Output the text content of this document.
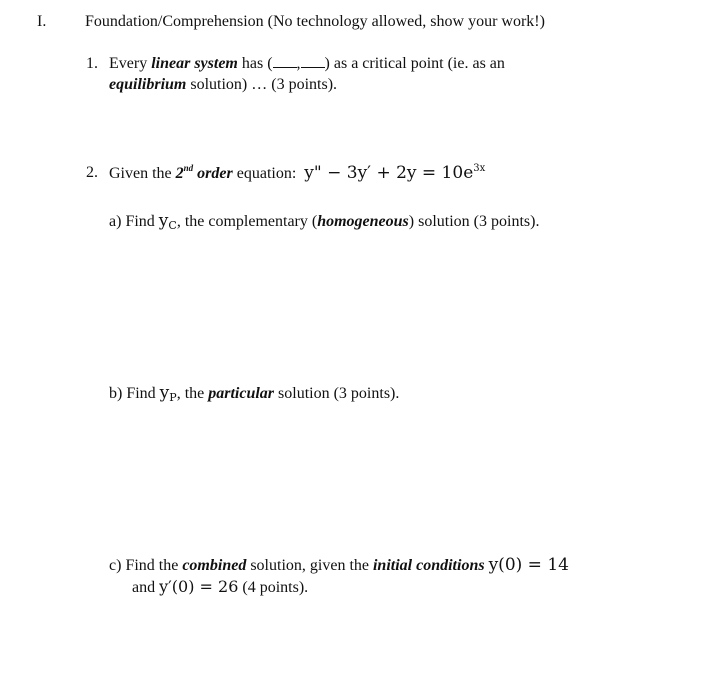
I. Foundation/Comprehension (No technology allowed, show your work!)
1. Every linear system has ( , ) as a critical point (ie. as an
equilibrium solution) … (3 points).
2. Given the 2nd order equation: y" − $3y' + 2y = 10e^{3x}$
a) Find $y_C$, the complementary (homogeneous) solution (3 points).
b) Find $y_P$, the particular solution (3 points).
c) Find the combined solution, given the initial conditions y(0) = 14
and y′(0) = 26 (4 points).
